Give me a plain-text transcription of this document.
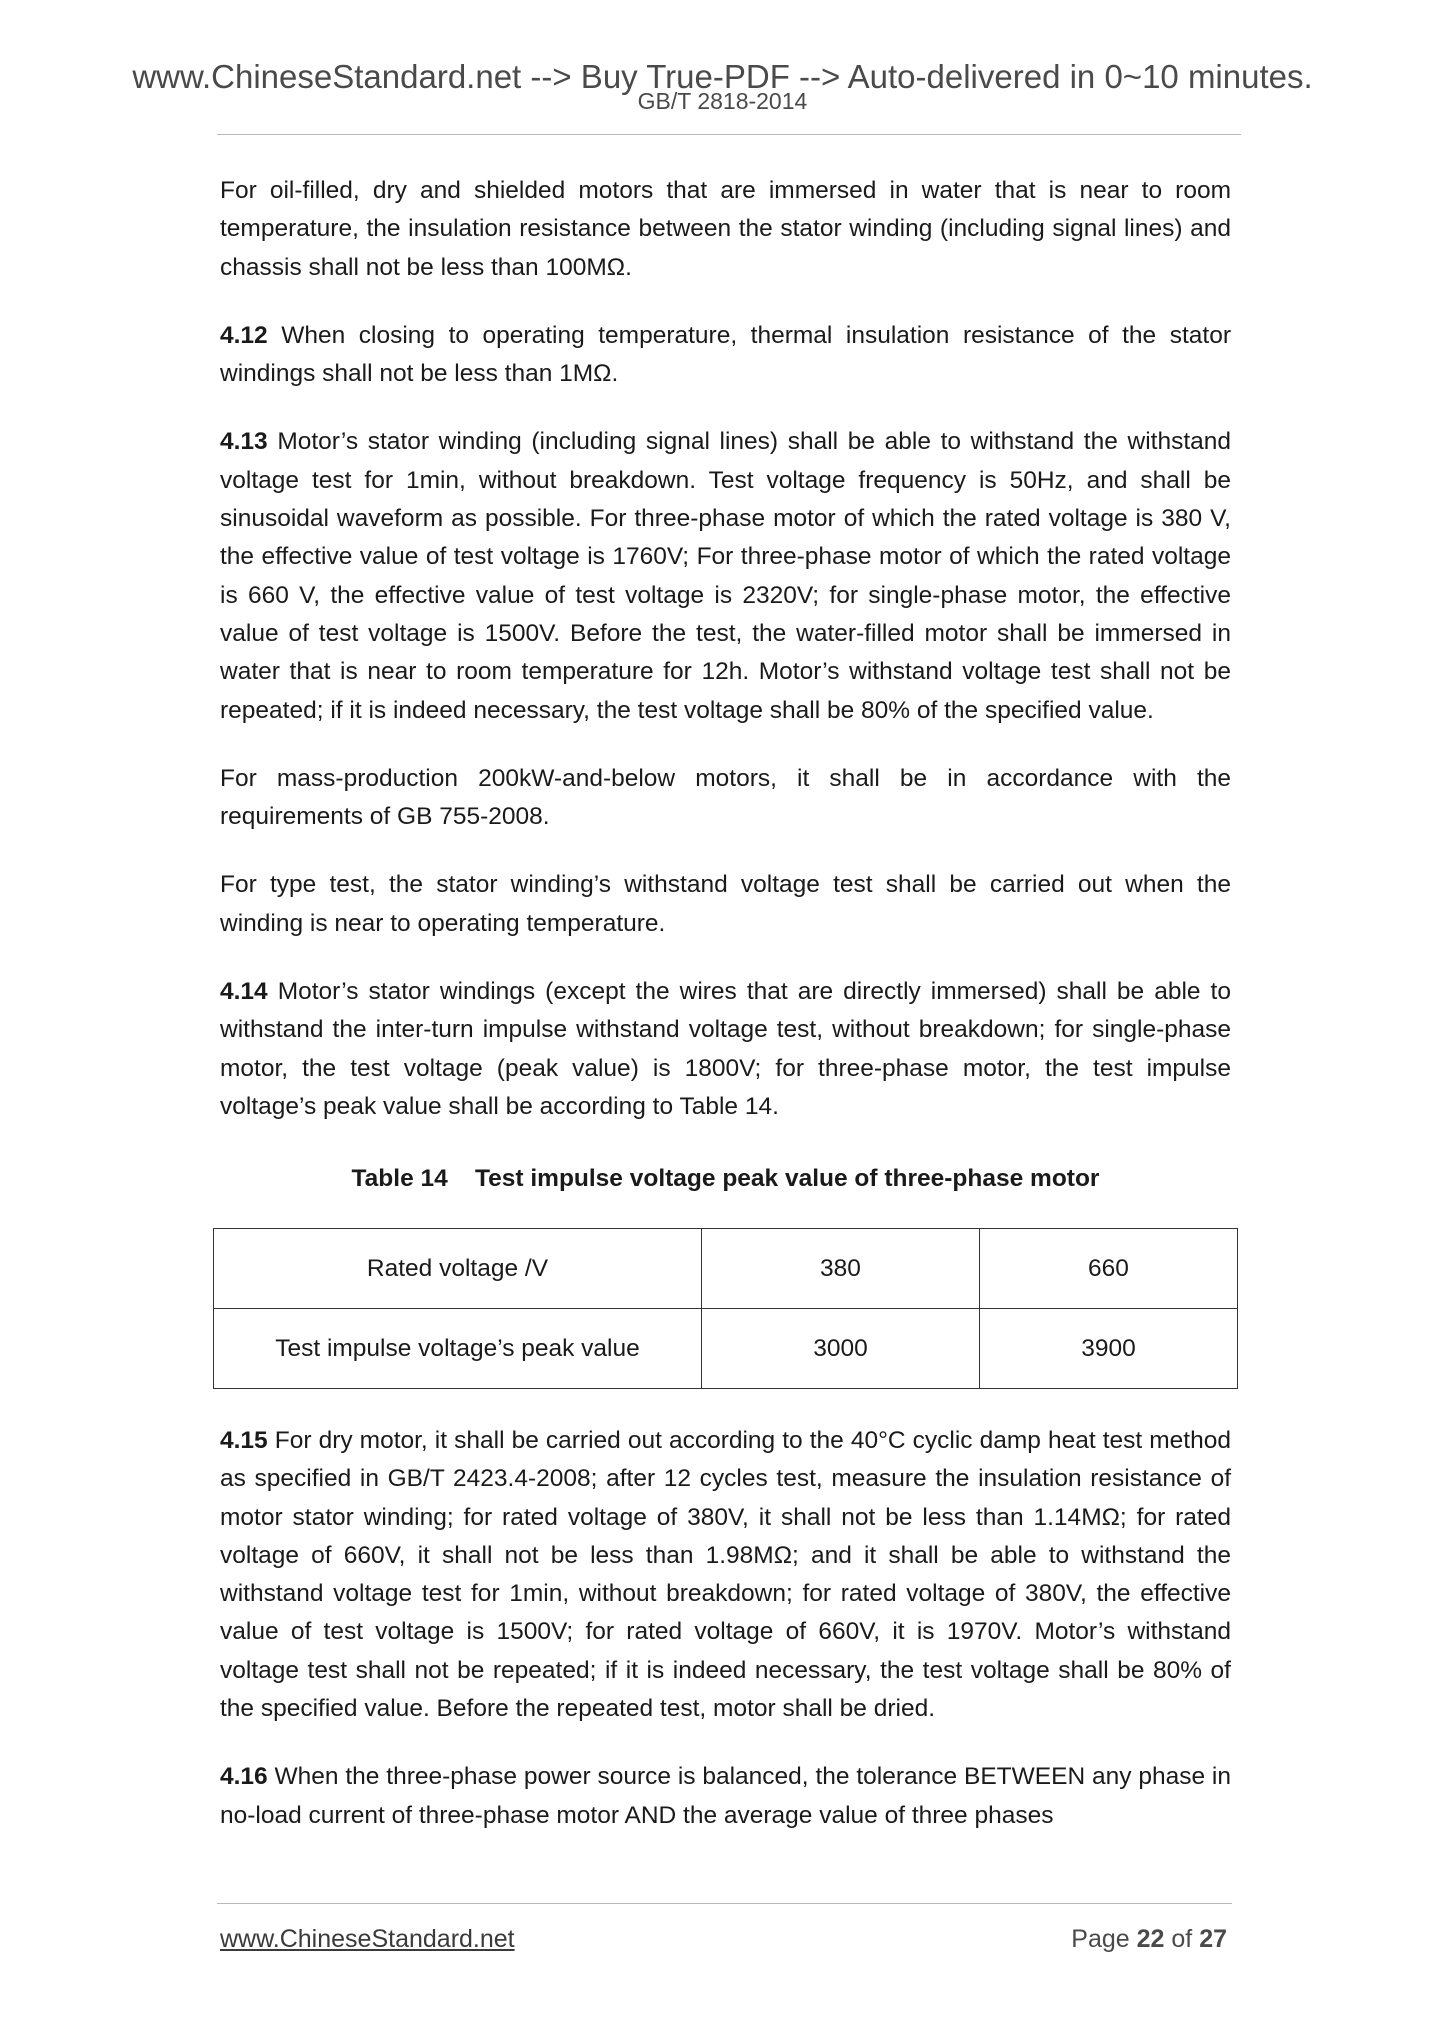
www.ChineseStandard.net --> Buy True-PDF --> Auto-delivered in 0~10 minutes.
GB/T 2818-2014

For oil-filled, dry and shielded motors that are immersed in water that is near to room temperature, the insulation resistance between the stator winding (including signal lines) and chassis shall not be less than 100MΩ.

4.12 When closing to operating temperature, thermal insulation resistance of the stator windings shall not be less than 1MΩ.

4.13 Motor’s stator winding (including signal lines) shall be able to withstand the withstand voltage test for 1min, without breakdown. Test voltage frequency is 50Hz, and shall be sinusoidal waveform as possible. For three-phase motor of which the rated voltage is 380 V, the effective value of test voltage is 1760V; For three-phase motor of which the rated voltage is 660 V, the effective value of test voltage is 2320V; for single-phase motor, the effective value of test voltage is 1500V. Before the test, the water-filled motor shall be immersed in water that is near to room temperature for 12h. Motor’s withstand voltage test shall not be repeated; if it is indeed necessary, the test voltage shall be 80% of the specified value.

For mass-production 200kW-and-below motors, it shall be in accordance with the requirements of GB 755-2008.

For type test, the stator winding’s withstand voltage test shall be carried out when the winding is near to operating temperature.

4.14 Motor’s stator windings (except the wires that are directly immersed) shall be able to withstand the inter-turn impulse withstand voltage test, without breakdown; for single-phase motor, the test voltage (peak value) is 1800V; for three-phase motor, the test impulse voltage’s peak value shall be according to Table 14.

Table 14    Test impulse voltage peak value of three-phase motor

Rated voltage /V	380	660
Test impulse voltage’s peak value	3000	3900

4.15 For dry motor, it shall be carried out according to the 40°C cyclic damp heat test method as specified in GB/T 2423.4-2008; after 12 cycles test, measure the insulation resistance of motor stator winding; for rated voltage of 380V, it shall not be less than 1.14MΩ; for rated voltage of 660V, it shall not be less than 1.98MΩ; and it shall be able to withstand the withstand voltage test for 1min, without breakdown; for rated voltage of 380V, the effective value of test voltage is 1500V; for rated voltage of 660V, it is 1970V. Motor’s withstand voltage test shall not be repeated; if it is indeed necessary, the test voltage shall be 80% of the specified value. Before the repeated test, motor shall be dried.

4.16 When the three-phase power source is balanced, the tolerance BETWEEN any phase in no-load current of three-phase motor AND the average value of three phases

www.ChineseStandard.net	Page 22 of 27
